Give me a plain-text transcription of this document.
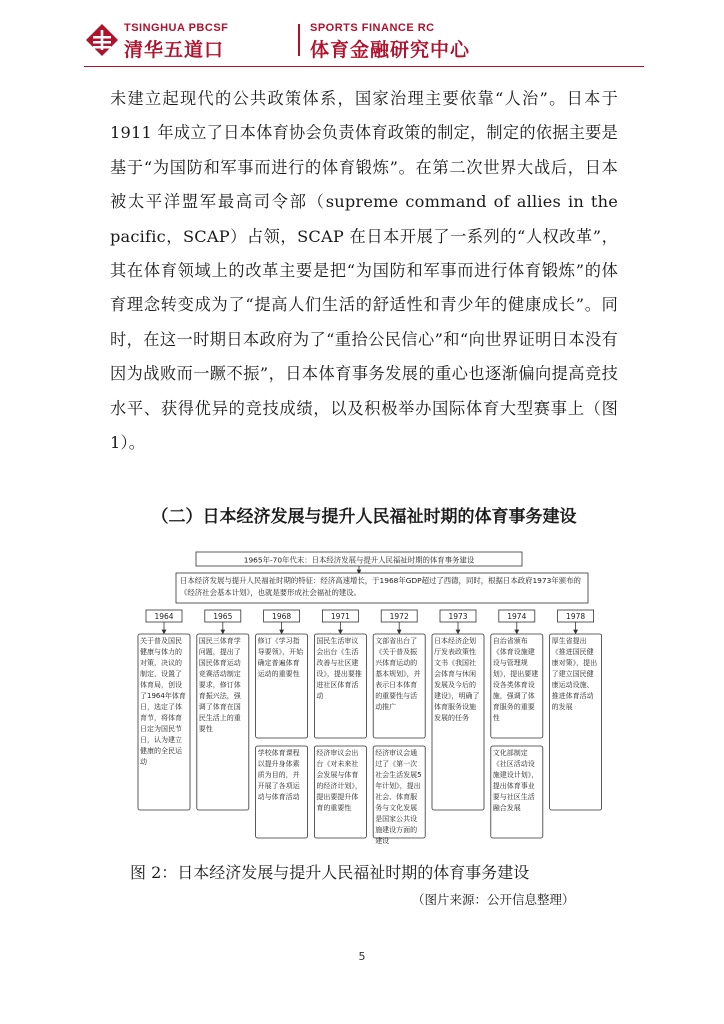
TSINGHUA PBCSF
清华五道口
SPORTS FINANCE RC
体育金融研究中心

未建立起现代的公共政策体系，国家治理主要依靠“人治”。日本于 1911 年成立了日本体育协会负责体育政策的制定，制定的依据主要是基于“为国防和军事而进行的体育锻炼”。在第二次世界大战后，日本被太平洋盟军最高司令部（supreme command of allies in the pacific，SCAP）占领，SCAP 在日本开展了一系列的“人权改革”，其在体育领域上的改革主要是把“为国防和军事而进行体育锻炼”的体育理念转变成为了“提高人们生活的舒适性和青少年的健康成长”。同时，在这一时期日本政府为了“重拾公民信心”和“向世界证明日本没有因为战败而一蹶不振”，日本体育事务发展的重心也逐渐偏向提高竞技水平、获得优异的竞技成绩，以及积极举办国际体育大型赛事上（图 1）。

（二）日本经济发展与提升人民福祉时期的体育事务建设
1965年-70年代末：日本经济发展与提升人民福祉时期的体育事务建设
日本经济发展与提升人民福祉时期的特征：经济高速增长，于1968年GDP超过了西德，同时，根据日本政府1973年颁布的《经济社会基本计划》，也就是要形成社会福祉的建设。
1964
关于普及国民健康与体力的对策，决议的制定，设置了体育局，创设了1964年体育日，选定了体育节，将体育日定为国民节日，认为建立健康的全民运动
1965
国民三体育学问题，提出了国民体育运动竞赛活动制定要求，修订体育振兴法，强调了体育在国民生活上的重要性
1968
修订《学习指导要领》，开始确定普遍体育运动的重要性
学校体育课程以提升身体素质为目的，并开展了各项运动与体育活动
1971
国民生活审议会出台《生活改善与社区建设》，提出要推进社区体育活动
经济审议会出台《对未来社会发展与体育的经济计划》，提出要提升体育的重要性
1972
文部省出台了《关于普及振兴体育运动的基本规划》，并表示日本体育的重要性与活动推广
经济审议会通过了《第一次社会生活发展5年计划》，提出社会、体育服务与文化发展是国家公共设施建设方面的建设
1973
日本经济企划厅发表政策性文书《我国社会体育与休闲发展及今后的建设》，明确了体育服务设施发展的任务
1974
自治省颁布《体育设施建设与管理规划》，提出要建设各类体育设施，强调了体育服务的重要性
文化部制定《社区活动设施建设计划》，提出体育事业要与社区生活融合发展
1978
厚生省提出《推进国民健康对策》，提出了建立国民健康运动设施、推进体育活动的发展

图 2：日本经济发展与提升人民福祉时期的体育事务建设

（图片来源：公开信息整理）

5
